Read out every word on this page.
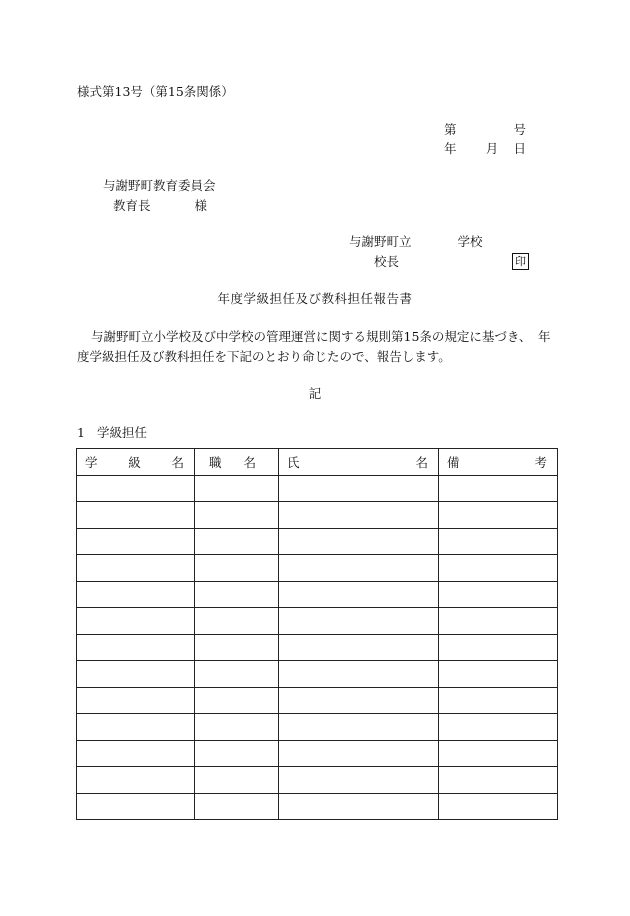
様式第13号（第15条関係）
第	号
年	月 日
与謝野町教育委員会
教育長	様
与謝野町立	学校
校長	印
年度学級担任及び教科担任報告書
与謝野町立小学校及び中学校の管理運営に関する規則第15条の規定に基づき、 年
度学級担任及び教科担任を下記のとおり命じたので、報告します。
記
1 学級担任
学 級 名	職 名	氏 名	備 考
